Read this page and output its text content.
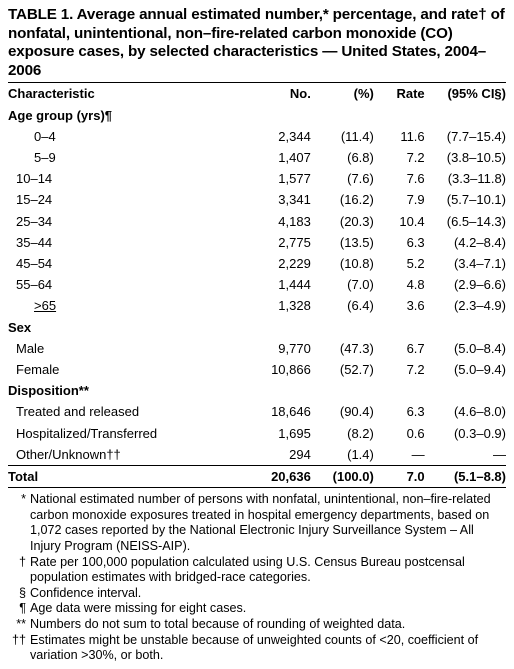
TABLE 1. Average annual estimated number,* percentage, and rate† of nonfatal, unintentional, non–fire-related carbon monoxide (CO) exposure cases, by selected characteristics — United States, 2004–2006

Characteristic	No.	(%)	Rate	(95% CI§)
Age group (yrs)¶				
0–4	2,344	(11.4)	11.6	(7.7–15.4)
5–9	1,407	(6.8)	7.2	(3.8–10.5)
10–14	1,577	(7.6)	7.6	(3.3–11.8)
15–24	3,341	(16.2)	7.9	(5.7–10.1)
25–34	4,183	(20.3)	10.4	(6.5–14.3)
35–44	2,775	(13.5)	6.3	(4.2–8.4)
45–54	2,229	(10.8)	5.2	(3.4–7.1)
55–64	1,444	(7.0)	4.8	(2.9–6.6)
>65	1,328	(6.4)	3.6	(2.3–4.9)
Sex				
Male	9,770	(47.3)	6.7	(5.0–8.4)
Female	10,866	(52.7)	7.2	(5.0–9.4)
Disposition**				
Treated and released	18,646	(90.4)	6.3	(4.6–8.0)
Hospitalized/Transferred	1,695	(8.2)	0.6	(0.3–0.9)
Other/Unknown††	294	(1.4)	—	—
Total	20,636	(100.0)	7.0	(5.1–8.8)
* National estimated number of persons with nonfatal, unintentional, non–fire-related carbon monoxide exposures treated in hospital emergency departments, based on 1,072 cases reported by the National Electronic Injury Surveillance System – All Injury Program (NEISS-AIP).
† Rate per 100,000 population calculated using U.S. Census Bureau postcensal population estimates with bridged-race categories.
§ Confidence interval.
¶ Age data were missing for eight cases.
** Numbers do not sum to total because of rounding of weighted data.
†† Estimates might be unstable because of unweighted counts of <20, coefficient of variation >30%, or both.
